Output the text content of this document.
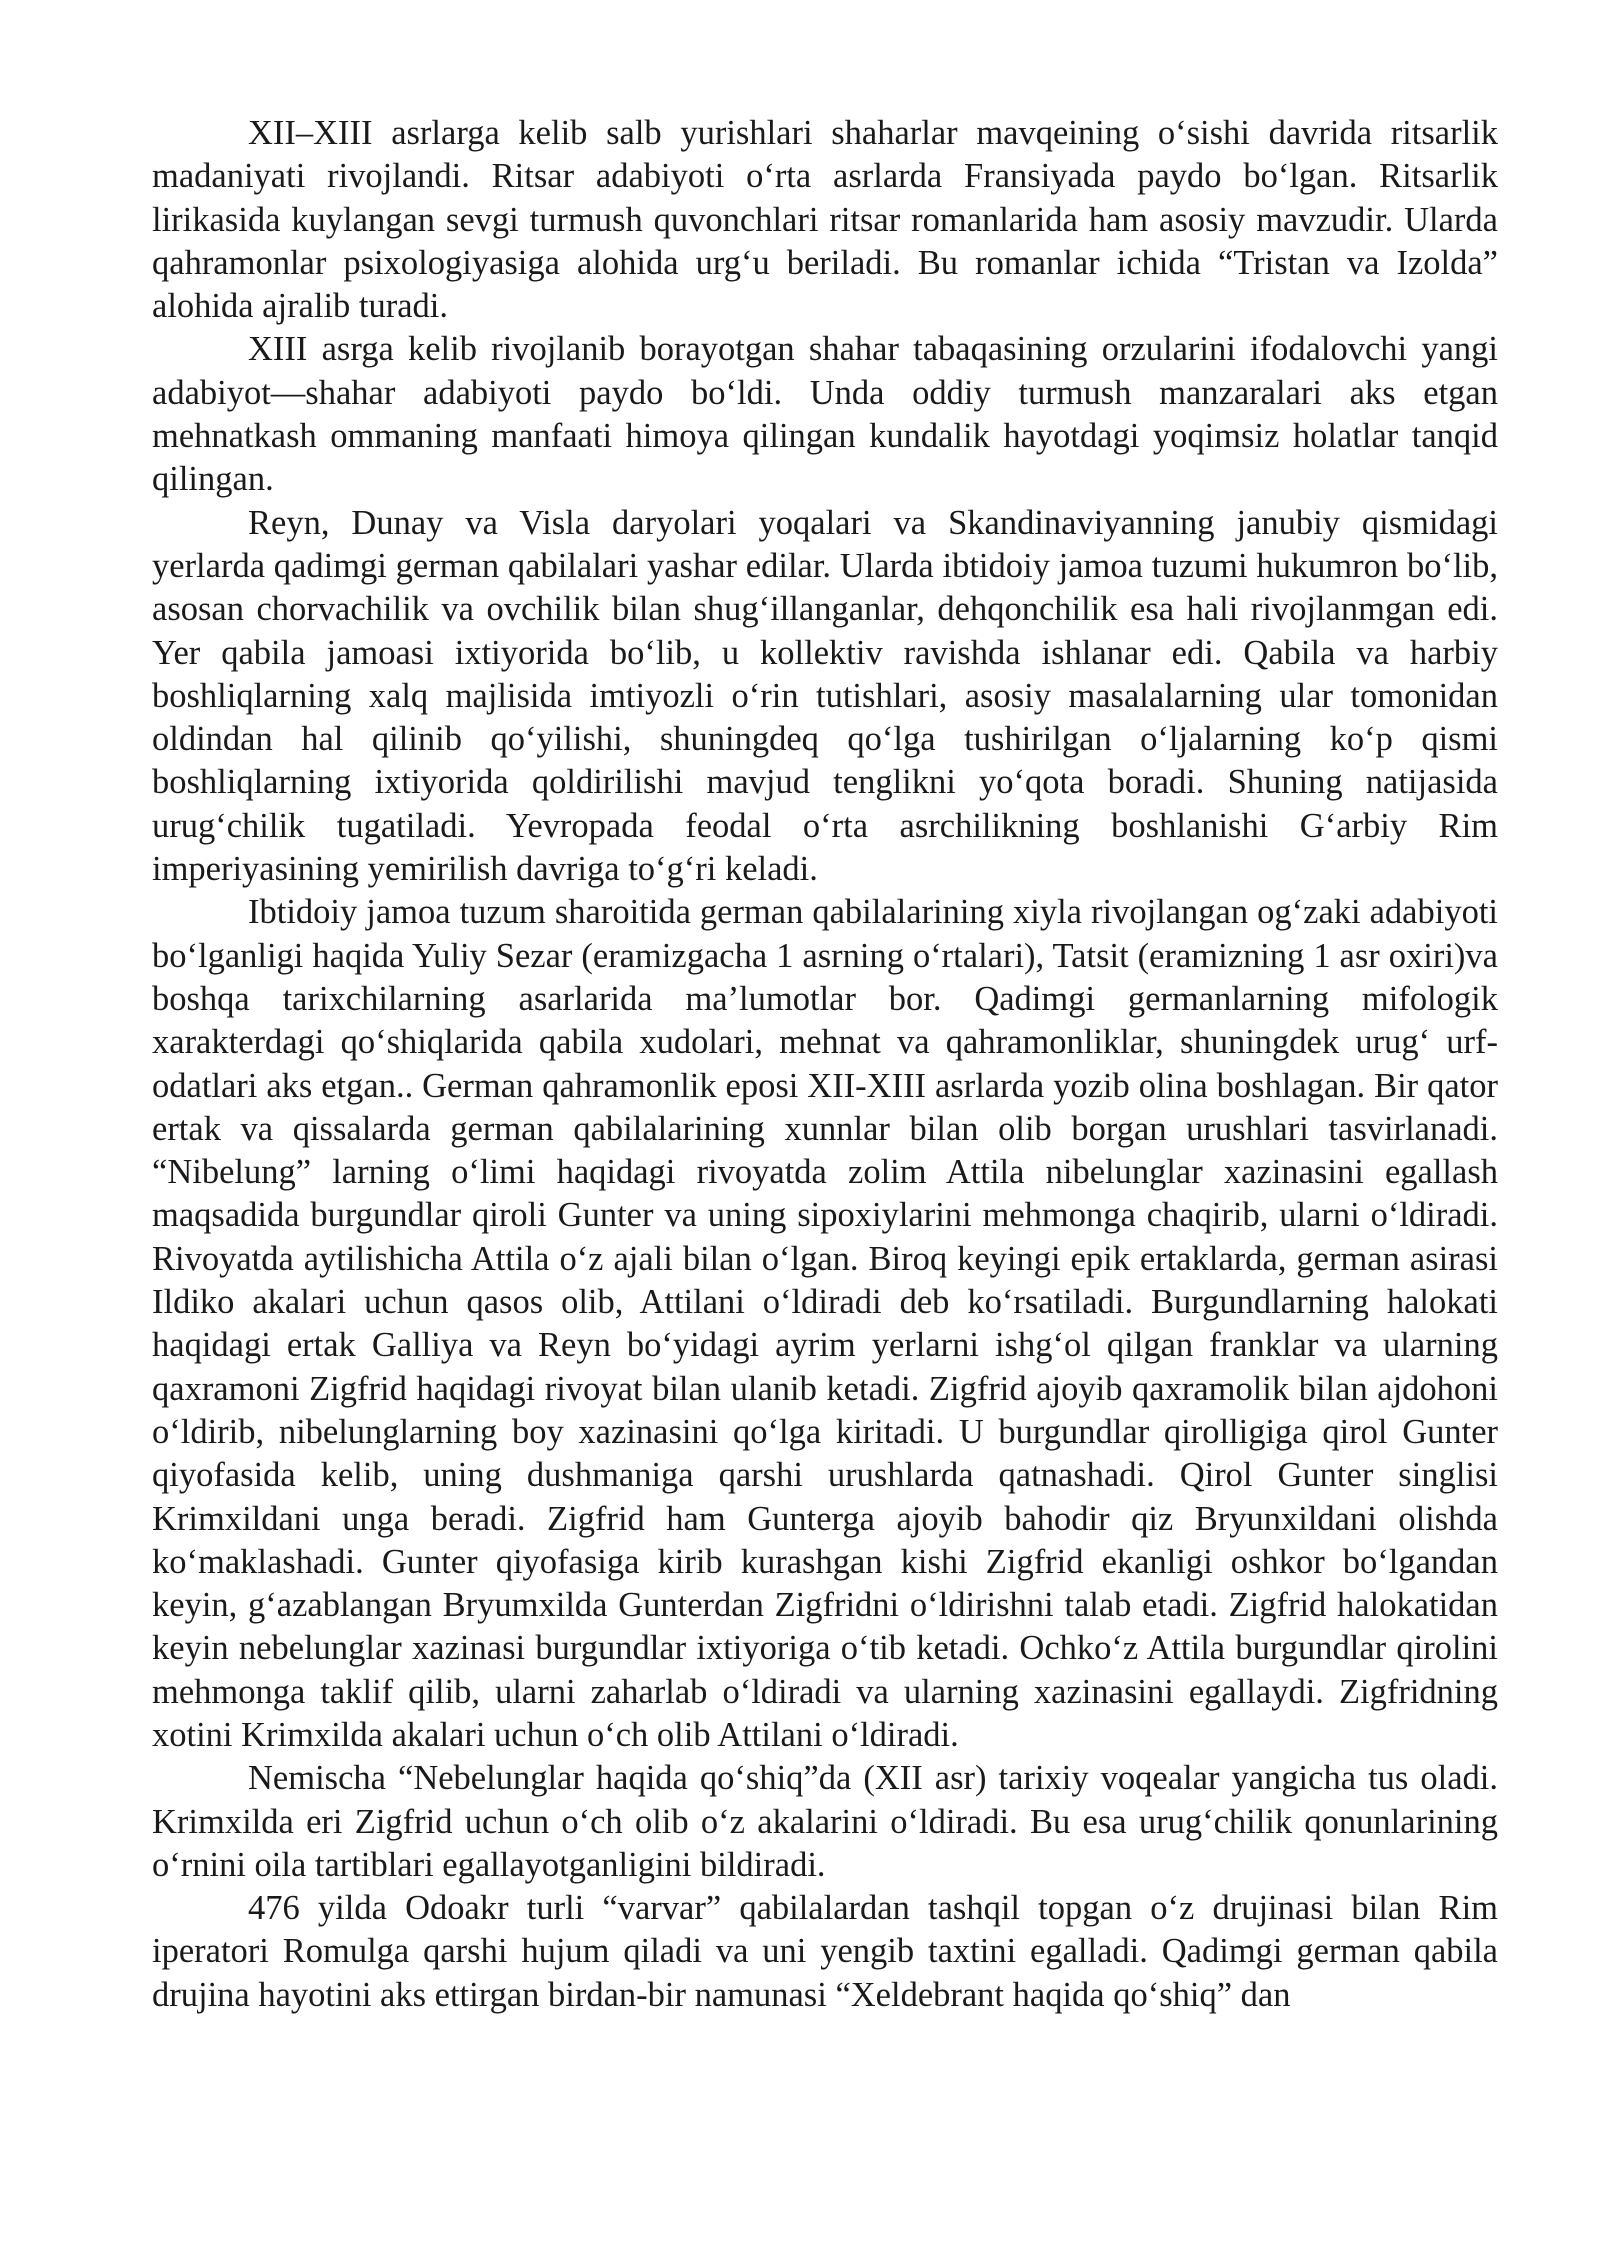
XII–XIII asrlarga kelib salb yurishlari shaharlar mavqeining o‘sishi davrida ritsarlik madaniyati rivojlandi. Ritsar adabiyoti o‘rta asrlarda Fransiyada paydo bo‘lgan. Ritsarlik lirikasida kuylangan sevgi turmush quvonchlari ritsar romanlarida ham asosiy mavzudir. Ularda qahramonlar psixologiyasiga alohida urg‘u beriladi. Bu romanlar ichida “Tristan va Izolda” alohida ajralib turadi.

XIII asrga kelib rivojlanib borayotgan shahar tabaqasining orzularini ifodalovchi yangi adabiyot—shahar adabiyoti paydo bo‘ldi. Unda oddiy turmush manzaralari aks etgan mehnatkash ommaning manfaati himoya qilingan kundalik hayotdagi yoqimsiz holatlar tanqid qilingan.

Reyn, Dunay va Visla daryolari yoqalari va Skandinaviyanning janubiy qismidagi yerlarda qadimgi german qabilalari yashar edilar. Ularda ibtidoiy jamoa tuzumi hukumron bo‘lib, asosan chorvachilik va ovchilik bilan shug‘illanganlar, dehqonchilik esa hali rivojlanmgan edi. Yer qabila jamoasi ixtiyorida bo‘lib, u kollektiv ravishda ishlanar edi. Qabila va harbiy boshliqlarning xalq majlisida imtiyozli o‘rin tutishlari, asosiy masalalarning ular tomonidan oldindan hal qilinib qo‘yilishi, shuningdeq qo‘lga tushirilgan o‘ljalarning ko‘p qismi boshliqlarning ixtiyorida qoldirilishi mavjud tenglikni yo‘qota boradi. Shuning natijasida urug‘chilik tugatiladi. Yevropada feodal o‘rta asrchilikning boshlanishi G‘arbiy Rim imperiyasining yemirilish davriga to‘g‘ri keladi.

Ibtidoiy jamoa tuzum sharoitida german qabilalarining xiyla rivojlangan og‘zaki adabiyoti bo‘lganligi haqida Yuliy Sezar (eramizgacha 1 asrning o‘rtalari), Tatsit (eramizning 1 asr oxiri)va boshqa tarixchilarning asarlarida ma’lumotlar bor. Qadimgi germanlarning mifologik xarakterdagi qo‘shiqlarida qabila xudolari, mehnat va qahramonliklar, shuningdek urug‘ urf-odatlari aks etgan.. German qahramonlik eposi XII-XIII asrlarda yozib olina boshlagan. Bir qator ertak va qissalarda german qabilalarining xunnlar bilan olib borgan urushlari tasvirlanadi. “Nibelung” larning o‘limi haqidagi rivoyatda zolim Attila nibelunglar xazinasini egallash maqsadida burgundlar qiroli Gunter va uning sipoxiylarini mehmonga chaqirib, ularni o‘ldiradi. Rivoyatda aytilishicha Attila o‘z ajali bilan o‘lgan. Biroq keyingi epik ertaklarda, german asirasi Ildiko akalari uchun qasos olib, Attilani o‘ldiradi deb ko‘rsatiladi. Burgundlarning halokati haqidagi ertak Galliya va Reyn bo‘yidagi ayrim yerlarni ishg‘ol qilgan franklar va ularning qaxramoni Zigfrid haqidagi rivoyat bilan ulanib ketadi. Zigfrid ajoyib qaxramolik bilan ajdohoni o‘ldirib, nibelunglarning boy xazinasini qo‘lga kiritadi. U burgundlar qirolligiga qirol Gunter qiyofasida kelib, uning dushmaniga qarshi urushlarda qatnashadi. Qirol Gunter singlisi Krimxildani unga beradi. Zigfrid ham Gunterga ajoyib bahodir qiz Bryunxildani olishda ko‘maklashadi. Gunter qiyofasiga kirib kurashgan kishi Zigfrid ekanligi oshkor bo‘lgandan keyin, g‘azablangan Bryumxilda Gunterdan Zigfridni o‘ldirishni talab etadi. Zigfrid halokatidan keyin nebelunglar xazinasi burgundlar ixtiyoriga o‘tib ketadi. Ochko‘z Attila burgundlar qirolini mehmonga taklif qilib, ularni zaharlab o‘ldiradi va ularning xazinasini egallaydi. Zigfridning xotini Krimxilda akalari uchun o‘ch olib Attilani o‘ldiradi.

Nemischa “Nebelunglar haqida qo‘shiq”da (XII asr) tarixiy voqealar yangicha tus oladi. Krimxilda eri Zigfrid uchun o‘ch olib o‘z akalarini o‘ldiradi. Bu esa urug‘chilik qonunlarining o‘rnini oila tartiblari egallayotganligini bildiradi.

476 yilda Odoakr turli “varvar” qabilalardan tashqil topgan o‘z drujinasi bilan Rim iperatori Romulga qarshi hujum qiladi va uni yengib taxtini egalladi. Qadimgi german qabila drujina hayotini aks ettirgan birdan-bir namunasi “Xeldebrant haqida qo‘shiq” dan
